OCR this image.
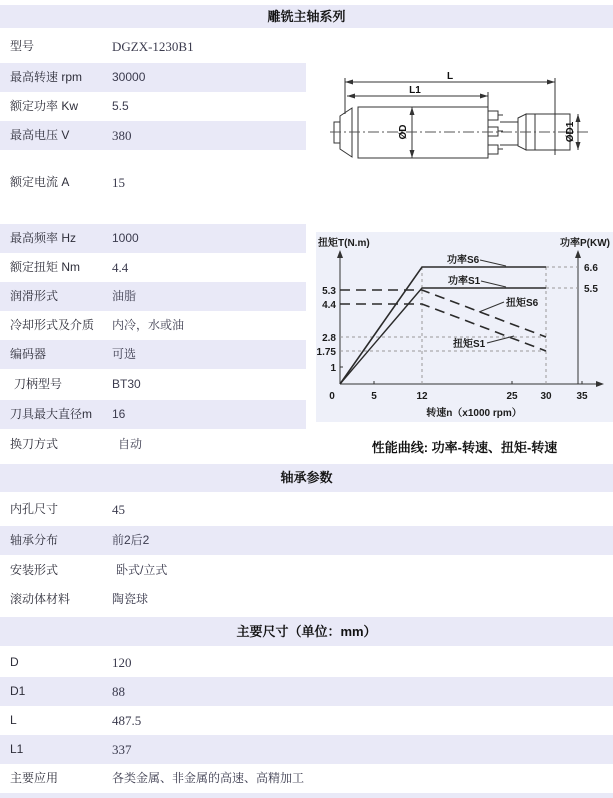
雕铣主轴系列
型号	DGZX-1230B1
最高转速 rpm 30000
额定功率 Kw	5.5
最高电压 V	380
额定电流 A	15
最高频率 Hz	1000
额定扭矩 Nm 4.4
润滑形式	油脂
冷却形式及介质 内冷，水或油
编码器	可选
刀柄型号	BT30
刀具最大直径m 16
换刀方式	自动
L
L1
ØD	ØD1
扭矩T(N.m)	功率P(KW)
转速n（x1000 rpm）
5.3
4.4
2.8
1.75
1
6.6
5.5
0	5	12	25 30 35
功率S6
功率S1
扭矩S6
扭矩S1
性能曲线: 功率-转速、扭矩-转速
轴承参数
内孔尺寸	45
轴承分布	前2后2
安装形式	卧式/立式
滚动体材料	陶瓷球
主要尺寸（单位：mm）
D	120
D1	88
L	487.5
L1	337
主要应用	各类金属、非金属的高速、高精加工
